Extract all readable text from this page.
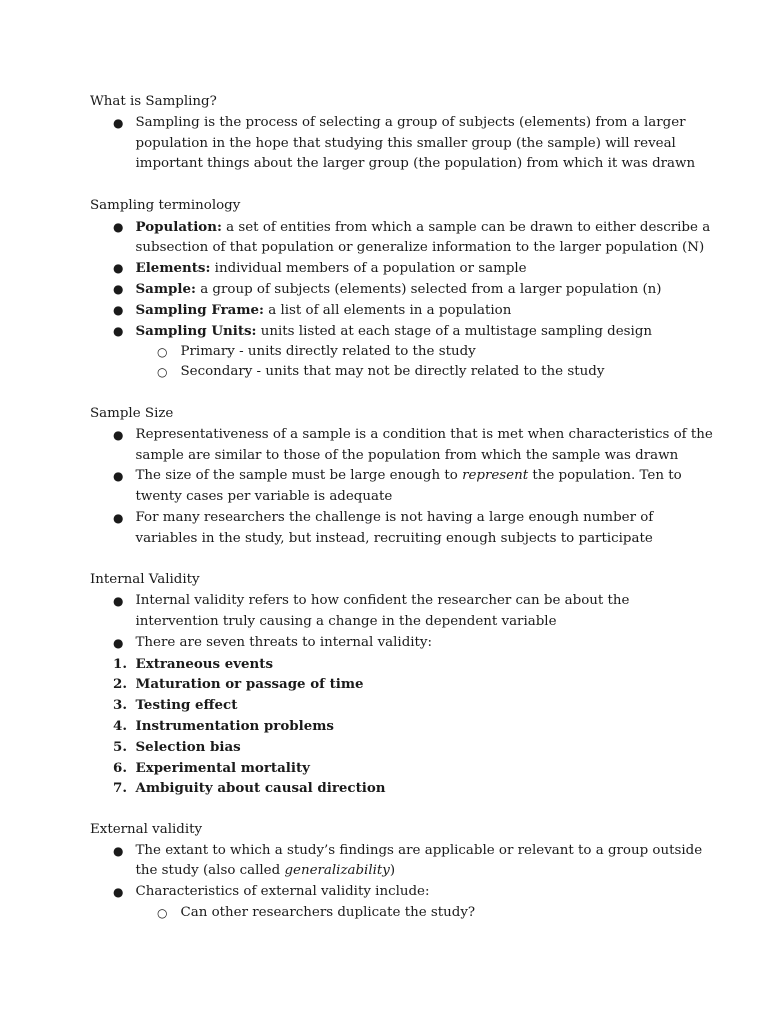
What is Sampling?
● Sampling is the process of selecting a group of subjects (elements) from a larger
population in the hope that studying this smaller group (the sample) will reveal
important things about the larger group (the population) from which it was drawn
Sampling terminology
● Population: a set of entities from which a sample can be drawn to either describe a
subsection of that population or generalize information to the larger population (N)
● Elements: individual members of a population or sample
● Sample: a group of subjects (elements) selected from a larger population (n)
● Sampling Frame: a list of all elements in a population
● Sampling Units: units listed at each stage of a multistage sampling design
○ Primary - units directly related to the study
○ Secondary - units that may not be directly related to the study
Sample Size
● Representativeness of a sample is a condition that is met when characteristics of the
sample are similar to those of the population from which the sample was drawn
● The size of the sample must be large enough to represent the population. Ten to
twenty cases per variable is adequate
● For many researchers the challenge is not having a large enough number of
variables in the study, but instead, recruiting enough subjects to participate
Internal Validity
● Internal validity refers to how confident the researcher can be about the
intervention truly causing a change in the dependent variable
● There are seven threats to internal validity:
1. Extraneous events
2. Maturation or passage of time
3. Testing effect
4. Instrumentation problems
5. Selection bias
6. Experimental mortality
7. Ambiguity about causal direction
External validity
● The extant to which a study’s findings are applicable or relevant to a group outside
the study (also called generalizability)
● Characteristics of external validity include:
○ Can other researchers duplicate the study?
